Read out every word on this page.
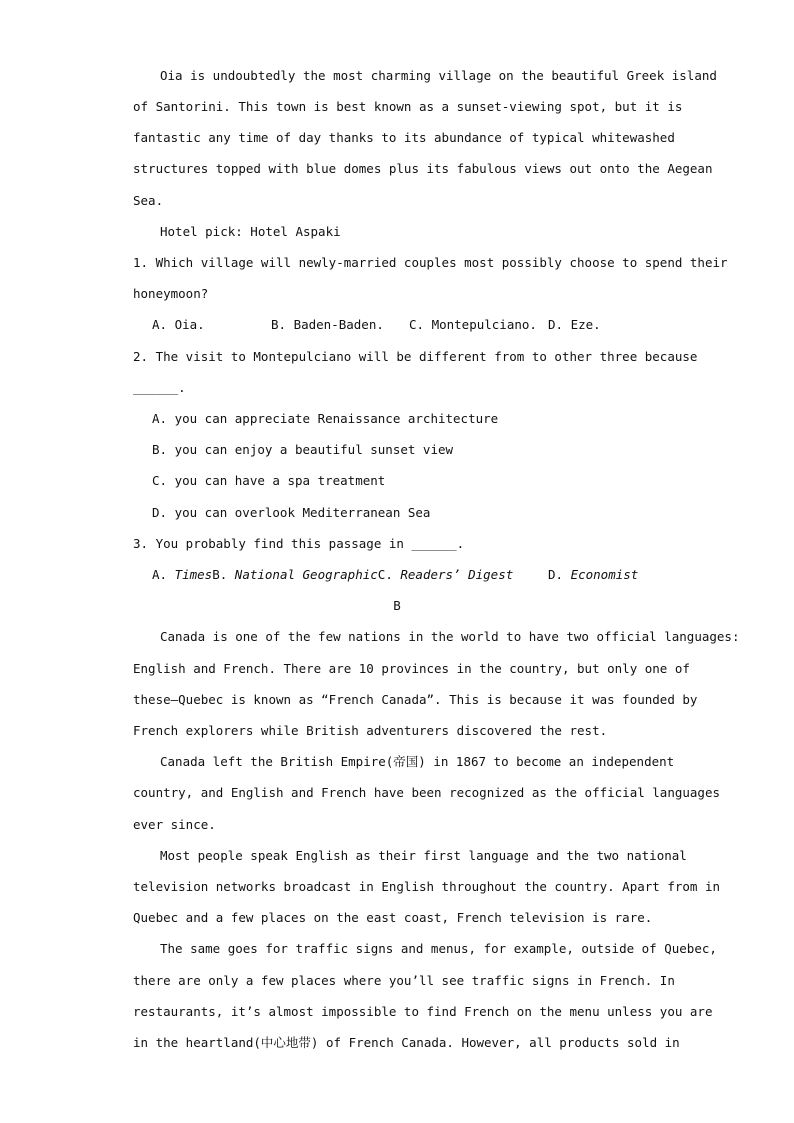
Oia is undoubtedly the most charming village on the beautiful Greek island
of Santorini. This town is best known as a sunset-viewing spot, but it is
fantastic any time of day thanks to its abundance of typical whitewashed
structures topped with blue domes plus its fabulous views out onto the Aegean
Sea.
Hotel pick: Hotel Aspaki
1. Which village will newly-married couples most possibly choose to spend their
honeymoon?
A. Oia.	B. Baden-Baden.	C. Montepulciano. D. Eze.
2. The visit to Montepulciano will be different from to other three because
______.
A. you can appreciate Renaissance architecture
B. you can enjoy a beautiful sunset view
C. you can have a spa treatment
D. you can overlook Mediterranean Sea
3. You probably find this passage in ______.
A. TimesB. National GeographicC. Readers’ Digest	D. Economist
B
Canada is one of the few nations in the world to have two official languages:
English and French. There are 10 provinces in the country, but only one of
these—Quebec is known as “French Canada”. This is because it was founded by
French explorers while British adventurers discovered the rest.
Canada left the British Empire(帝国) in 1867 to become an independent
country, and English and French have been recognized as the official languages
ever since.
Most people speak English as their first language and the two national
television networks broadcast in English throughout the country. Apart from in
Quebec and a few places on the east coast, French television is rare.
The same goes for traffic signs and menus, for example, outside of Quebec,
there are only a few places where you’ll see traffic signs in French. In
restaurants, it’s almost impossible to find French on the menu unless you are
in the heartland(中心地带) of French Canada. However, all products sold in
